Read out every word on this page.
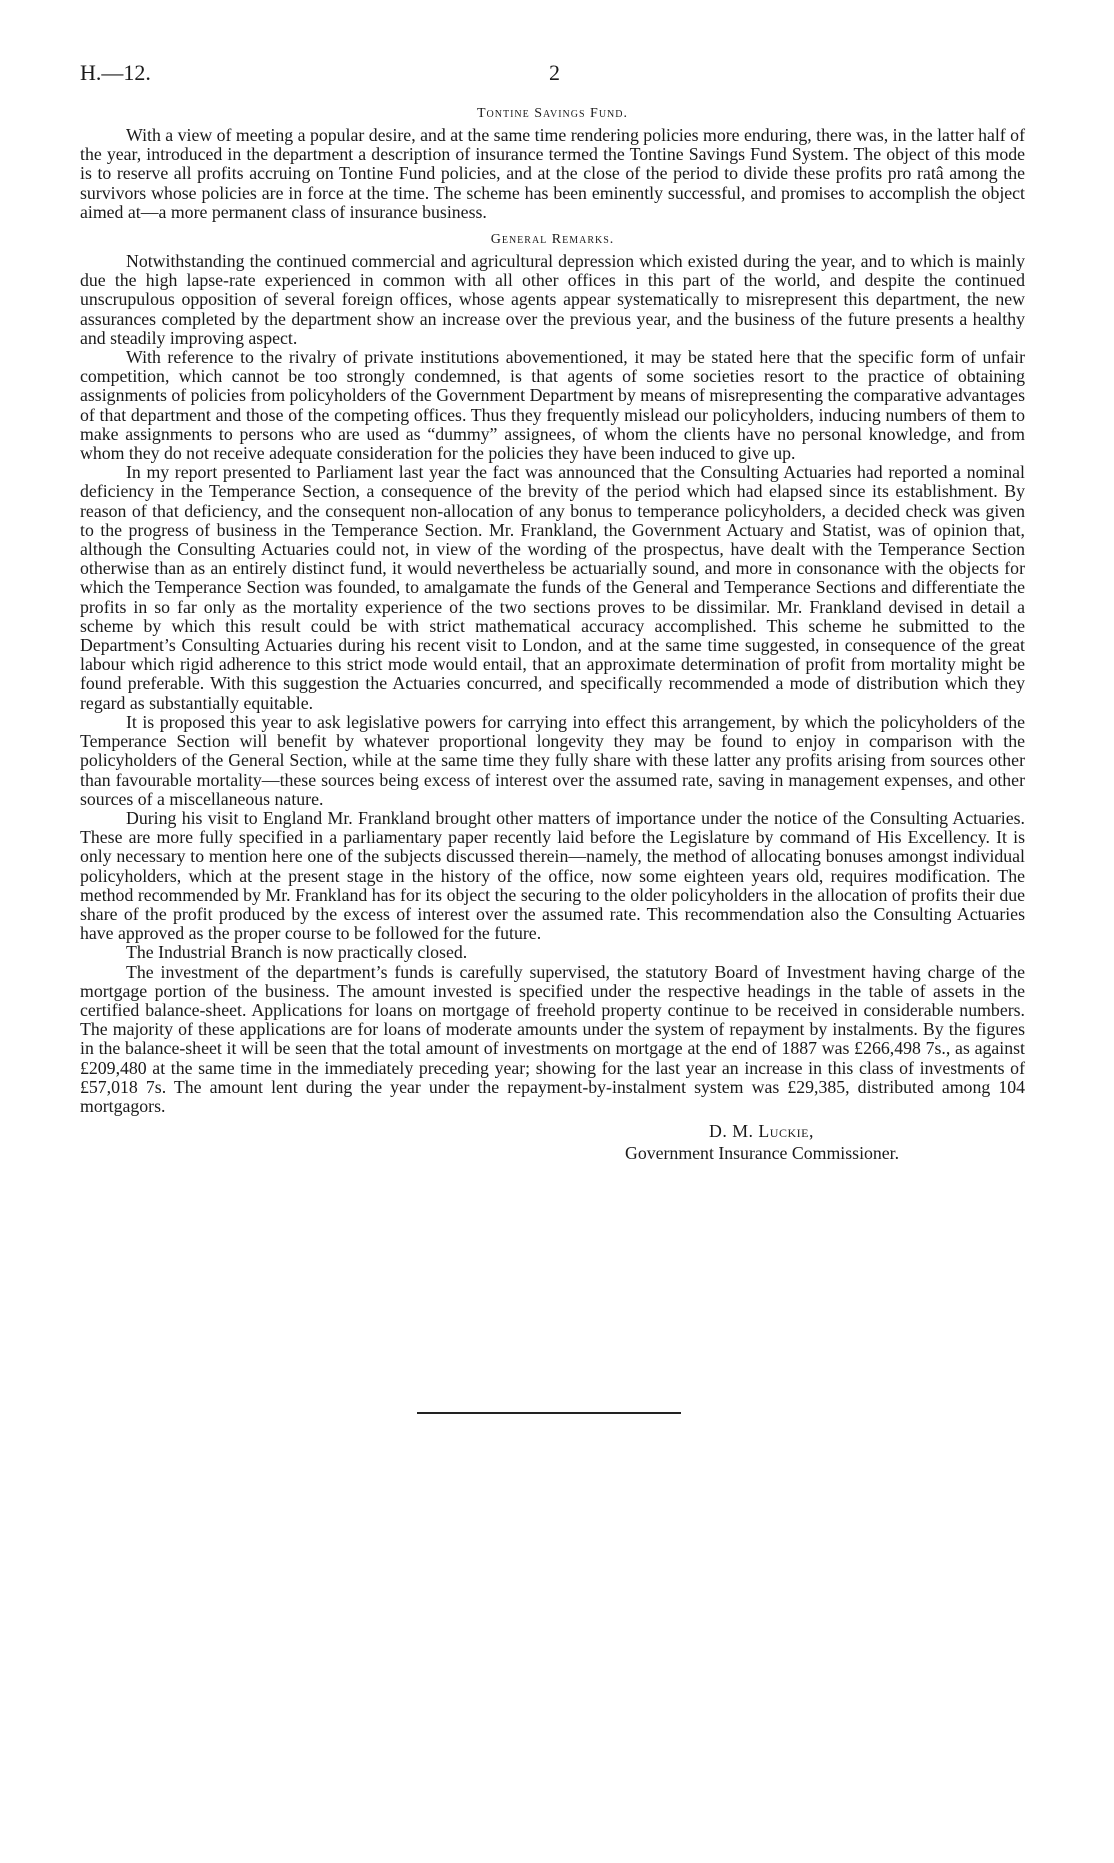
H.—12.	2
Tontine Savings Fund.

With a view of meeting a popular desire, and at the same time rendering policies more enduring, there was, in the latter half of the year, introduced in the department a description of insurance termed the Tontine Savings Fund System. The object of this mode is to reserve all profits accruing on Tontine Fund policies, and at the close of the period to divide these profits pro ratâ among the survivors whose policies are in force at the time. The scheme has been eminently successful, and promises to accomplish the object aimed at—a more permanent class of insurance business.

General Remarks.

Notwithstanding the continued commercial and agricultural depression which existed during the year, and to which is mainly due the high lapse-rate experienced in common with all other offices in this part of the world, and despite the continued unscrupulous opposition of several foreign offices, whose agents appear systematically to misrepresent this department, the new assurances completed by the department show an increase over the previous year, and the business of the future presents a healthy and steadily improving aspect.

With reference to the rivalry of private institutions abovementioned, it may be stated here that the specific form of unfair competition, which cannot be too strongly condemned, is that agents of some societies resort to the practice of obtaining assignments of policies from policyholders of the Government Department by means of misrepresenting the comparative advantages of that department and those of the competing offices. Thus they frequently mislead our policyholders, inducing numbers of them to make assignments to persons who are used as “dummy” assignees, of whom the clients have no personal knowledge, and from whom they do not receive adequate consideration for the policies they have been induced to give up.

In my report presented to Parliament last year the fact was announced that the Consulting Actuaries had reported a nominal deficiency in the Temperance Section, a consequence of the brevity of the period which had elapsed since its establishment. By reason of that deficiency, and the consequent non-allocation of any bonus to temperance policyholders, a decided check was given to the progress of business in the Temperance Section. Mr. Frankland, the Government Actuary and Statist, was of opinion that, although the Consulting Actuaries could not, in view of the wording of the prospectus, have dealt with the Temperance Section otherwise than as an entirely distinct fund, it would nevertheless be actuarially sound, and more in consonance with the objects for which the Temperance Section was founded, to amalgamate the funds of the General and Temperance Sections and differentiate the profits in so far only as the mortality experience of the two sections proves to be dissimilar. Mr. Frankland devised in detail a scheme by which this result could be with strict mathematical accuracy accomplished. This scheme he submitted to the Department’s Consulting Actuaries during his recent visit to London, and at the same time suggested, in consequence of the great labour which rigid adherence to this strict mode would entail, that an approximate determination of profit from mortality might be found preferable. With this suggestion the Actuaries concurred, and specifically recommended a mode of distribution which they regard as substantially equitable.

It is proposed this year to ask legislative powers for carrying into effect this arrangement, by which the policyholders of the Temperance Section will benefit by whatever proportional longevity they may be found to enjoy in comparison with the policyholders of the General Section, while at the same time they fully share with these latter any profits arising from sources other than favourable mortality—these sources being excess of interest over the assumed rate, saving in management expenses, and other sources of a miscellaneous nature.

During his visit to England Mr. Frankland brought other matters of importance under the notice of the Consulting Actuaries. These are more fully specified in a parliamentary paper recently laid before the Legislature by command of His Excellency. It is only necessary to mention here one of the subjects discussed therein—namely, the method of allocating bonuses amongst individual policyholders, which at the present stage in the history of the office, now some eighteen years old, requires modification. The method recommended by Mr. Frankland has for its object the securing to the older policyholders in the allocation of profits their due share of the profit produced by the excess of interest over the assumed rate. This recommendation also the Consulting Actuaries have approved as the proper course to be followed for the future.

The Industrial Branch is now practically closed.

The investment of the department’s funds is carefully supervised, the statutory Board of Investment having charge of the mortgage portion of the business. The amount invested is specified under the respective headings in the table of assets in the certified balance-sheet. Applications for loans on mortgage of freehold property continue to be received in considerable numbers. The majority of these applications are for loans of moderate amounts under the system of repayment by instalments. By the figures in the balance-sheet it will be seen that the total amount of investments on mortgage at the end of 1887 was £266,498 7s., as against £209,480 at the same time in the immediately preceding year; showing for the last year an increase in this class of investments of £57,018 7s. The amount lent during the year under the repayment-by-instalment system was £29,385, distributed among 104 mortgagors.

D. M. Luckie,
Government Insurance Commissioner.
